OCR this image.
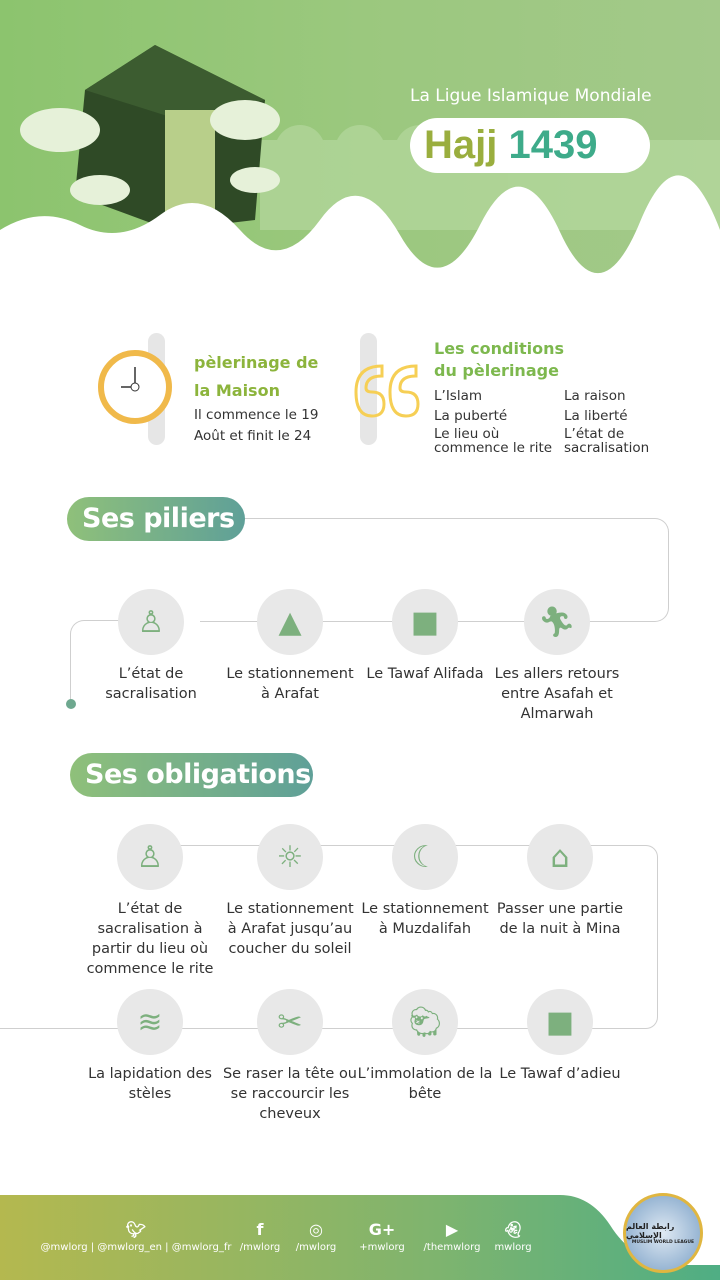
La Ligue Islamique Mondiale
Hajj 1439
pèlerinage de
la Maison
Il commence le 19
Août et finit le 24
Les conditions
du pèlerinage
L’Islam	La raison
La puberté	La liberté
Le lieu où commence le rite
L’état de sacralisation
Ses piliers
♙
L’état de sacralisation
▲
Le stationnement à Arafat
■
Le Tawaf Alifada
🏃︎
Les allers retours entre Asafah et Almarwah
Ses obligations
♙
L’état de sacralisation à partir du lieu où commence le rite
☼
Le stationnement à Arafat jusqu’au coucher du soleil
☾
Le stationnement à Muzdalifah
⌂
Passer une partie de la nuit à Mina
≋
La lapidation des stèles
✂
Se raser la tête ou se raccourcir les cheveux
🐑︎
L’immolation de la bête
■
Le Tawaf d’adieu
رابطة العالم الإسلامي
MUSLIM WORLD LEAGUE
🐦︎
@mwlorg | @mwlorg_en | @mwlorg_fr
f
/mwlorg
◎
/mwlorg
G+
+mwlorg
▶
/themwlorg
👻︎
mwlorg
